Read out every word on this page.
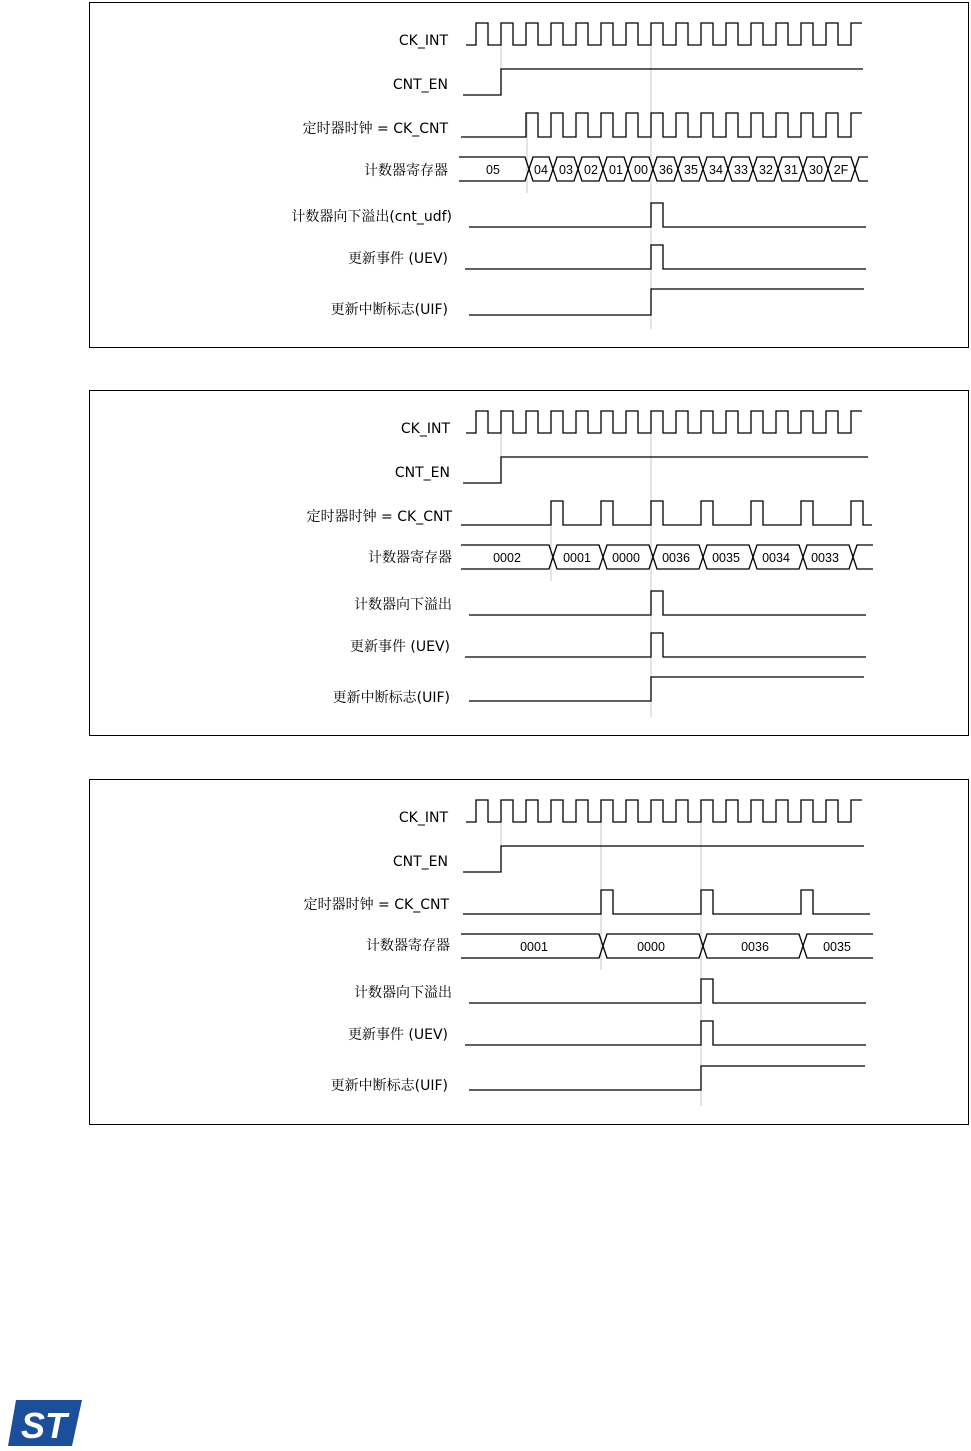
CK_INT
CNT_EN
定时器时钟 = CK_CNT
计数器寄存器
计数器向下溢出(cnt_udf)
更新事件 (UEV)
更新中断标志(UIF)
05	04 03 02 01 00 36 35 34 33 32 31 30 2F
CK_INT
CNT_EN
定时器时钟 = CK_CNT
计数器寄存器
计数器向下溢出
更新事件 (UEV)
更新中断标志(UIF)
0002	0001 0000 0036 0035 0034 0033
CK_INT
CNT_EN
定时器时钟 = CK_CNT
计数器寄存器
计数器向下溢出
更新事件 (UEV)
更新中断标志(UIF)
0001	0000	0036	0035
ST
